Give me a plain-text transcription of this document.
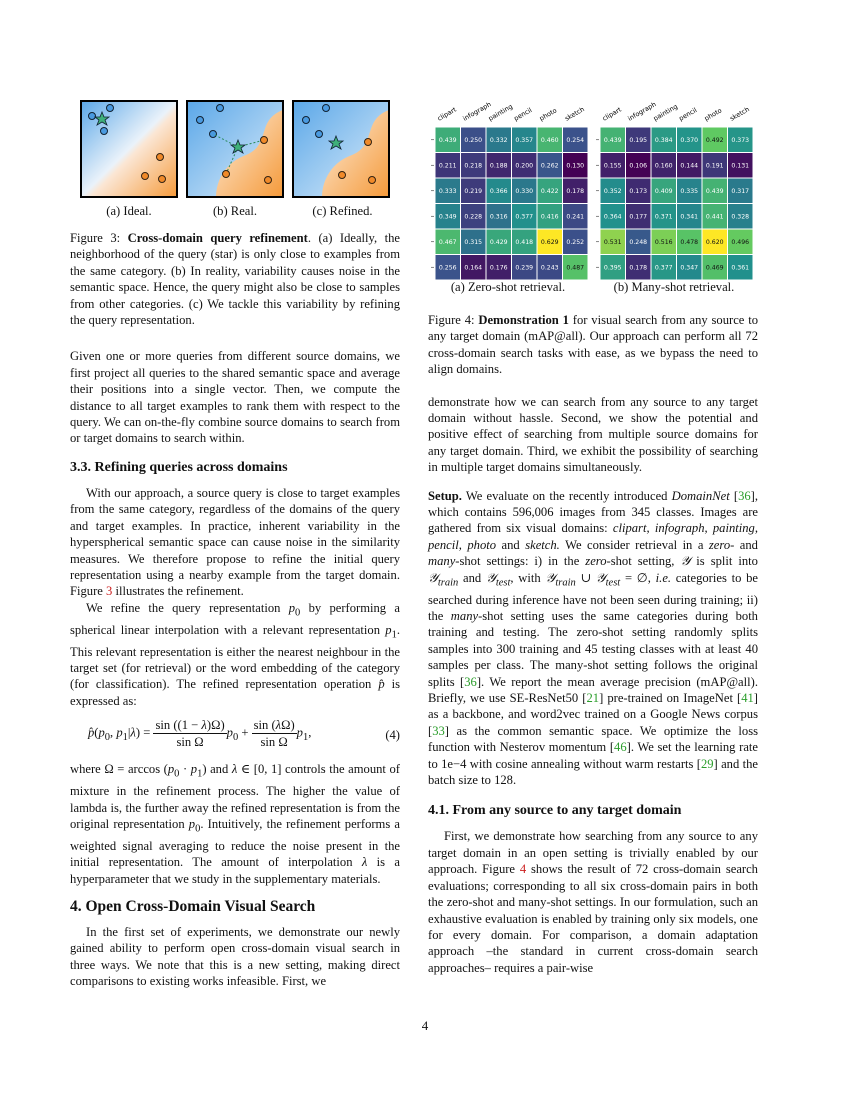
(a) Ideal.	(b) Real.	(c) Refined.

Figure 3: Cross-domain query refinement. (a) Ideally, the neighborhood of the query (star) is only close to examples from the same category. (b) In reality, variability causes noise in the semantic space. Hence, the query might also be close to samples from other categories. (c) We tackle this variability by refining the query representation.

Given one or more queries from different source domains, we first project all queries to the shared semantic space and average their positions into a single vector. Then, we compute the distance to all target examples to rank them with respect to the query. We can on-the-fly combine source domains to search from or target domains to search within.

3.3. Refining queries across domains

With our approach, a source query is close to target examples from the same category, regardless of the domains of the query and target examples. In practice, inherent variability in the hyperspherical semantic space can cause noise in the similarity measures. We therefore propose to refine the initial query representation using a nearby example from the target domain. Figure 3 illustrates the refinement.

We refine the query representation $p_0$ by performing a spherical linear interpolation with a relevant representation $p_1$. This relevant representation is either the nearest neighbour in the target set (for retrieval) or the word embedding of the category (for classification). The refined representation operation p̂ is expressed as:

$p̂(p_0$, $p_1|\lambda) = \frac{\sin ((1 - \lambda)\Omega)}{\text{sin Ω}} p_0 + \frac{\sin (\lambda\Omega)}{\text{sin Ω}} p_1$,	(4)

where $\Omega = \arccos (p_0 \cdot p_1)$ and λ ∈ [0, 1] controls the amount of mixture in the refinement process. The higher the value of lambda is, the further away the refined representation is from the original representation $p_0$. Intuitively, the refinement performs a weighted signal averaging to reduce the noise present in the initial representation. The amount of interpolation λ is a hyperparameter that we study in the supplementary materials.

4. Open Cross-Domain Visual Search

In the first set of experiments, we demonstrate our newly gained ability to perform open cross-domain visual search in three ways. We note that this is a new setting, making direct comparisons to existing works infeasible. First, we

clipart infograph
painting
pencil photo sketch
0.439 0.250 0.332 0.357 0.460 0.254
0.211 0.218 0.188 0.200 0.262 0.130
0.333 0.219 0.366 0.330 0.422 0.178
0.349 0.228 0.316 0.377 0.416 0.241
0.467 0.315 0.429 0.418 0.629 0.252
0.256 0.164 0.176 0.239 0.243 0.487
clipart infograph
painting
pencil photo sketch
0.439 0.195 0.384 0.370 0.492 0.373
0.155 0.106 0.160 0.144 0.191 0.131
0.352 0.173 0.409 0.335 0.439 0.317
0.364 0.177 0.371 0.341 0.441 0.328
0.531 0.248 0.516 0.478 0.620 0.496
0.395 0.178 0.377 0.347 0.469 0.361
(a) Zero-shot retrieval.	(b) Many-shot retrieval.

Figure 4: Demonstration 1 for visual search from any source to any target domain (mAP@all). Our approach can perform all 72 cross-domain search tasks with ease, as we bypass the need to align domains.

demonstrate how we can search from any source to any target domain without hassle. Second, we show the potential and positive effect of searching from multiple source domains for any target domain. Third, we exhibit the possibility of searching in multiple target domains simultaneously.

Setup. We evaluate on the recently introduced DomainNet [36], which contains 596,006 images from 345 classes. Images are gathered from six visual domains: clipart, infograph, painting, pencil, photo and sketch. We consider retrieval in a zero- and many-shot settings: i) in the zero-shot setting, 𝒴 is split into 𝒴$_{train}$ and 𝒴$_{test}$, with 𝒴$_{train}$ ∪ 𝒴$_{test}$ = ∅, i.e. categories to be searched during inference have not been seen during training; ii) the many-shot setting uses the same categories during both training and testing. The zero-shot setting randomly splits samples into 300 training and 45 testing classes with at least 40 samples per class. The many-shot setting follows the original splits [36]. We report the mean average precision (mAP@all). Briefly, we use SE-ResNet50 [21] pre-trained on ImageNet [41] as a backbone, and word2vec trained on a Google News corpus [33] as the common semantic space. We optimize the loss function with Nesterov momentum [46]. We set the learning rate to 1e−4 with cosine annealing without warm restarts [29] and the batch size to 128.

4.1. From any source to any target domain

First, we demonstrate how searching from any source to any target domain in an open setting is trivially enabled by our approach. Figure 4 shows the result of 72 cross-domain search evaluations; corresponding to all six cross-domain pairs in both the zero-shot and many-shot settings. In our formulation, such an exhaustive evaluation is enabled by training only six models, one for every domain. For comparison, a domain adaptation approach –the standard in current cross-domain search approaches– requires a pair-wise

4
